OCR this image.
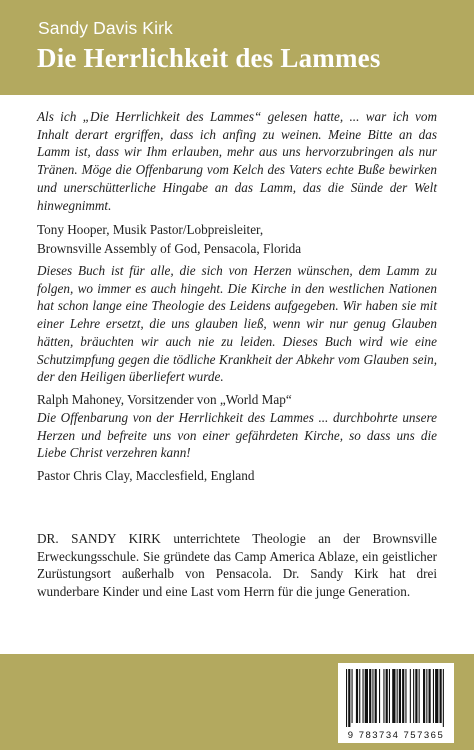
Sandy Davis Kirk
Die Herrlichkeit des Lammes

Als ich „Die Herrlichkeit des Lammes“ gelesen hatte, ... war ich vom Inhalt derart ergriffen, dass ich anfing zu weinen. Meine Bitte an das Lamm ist, dass wir Ihm erlauben, mehr aus uns hervorzubringen als nur Tränen. Möge die Offenbarung vom Kelch des Vaters echte Buße bewirken und unerschütterliche Hingabe an das Lamm, das die Sünde der Welt hinwegnimmt.

Tony Hooper, Musik Pastor/Lobpreisleiter,
Brownsville Assembly of God, Pensacola, Florida

Dieses Buch ist für alle, die sich von Herzen wünschen, dem Lamm zu folgen, wo immer es auch hingeht. Die Kirche in den westlichen Nationen hat schon lange eine Theologie des Leidens aufgegeben. Wir haben sie mit einer Lehre ersetzt, die uns glauben ließ, wenn wir nur genug Glauben hätten, bräuchten wir auch nie zu leiden. Dieses Buch wird wie eine Schutzimpfung gegen die tödliche Krankheit der Abkehr vom Glauben sein, der den Heiligen überliefert wurde.

Ralph Mahoney, Vorsitzender von „World Map“

Die Offenbarung von der Herrlichkeit des Lammes ... durchbohrte unsere Herzen und befreite uns von einer gefährdeten Kirche, so dass uns die Liebe Christ verzehren kann!

Pastor Chris Clay, Macclesfield, England

DR. SANDY KIRK unterrichtete Theologie an der Brownsville Erweckungsschule. Sie gründete das Camp America Ablaze, ein geistlicher Zurüstungsort außerhalb von Pensacola. Dr. Sandy Kirk hat drei wunderbare Kinder und eine Last vom Herrn für die junge Generation.

9 783734 757365
